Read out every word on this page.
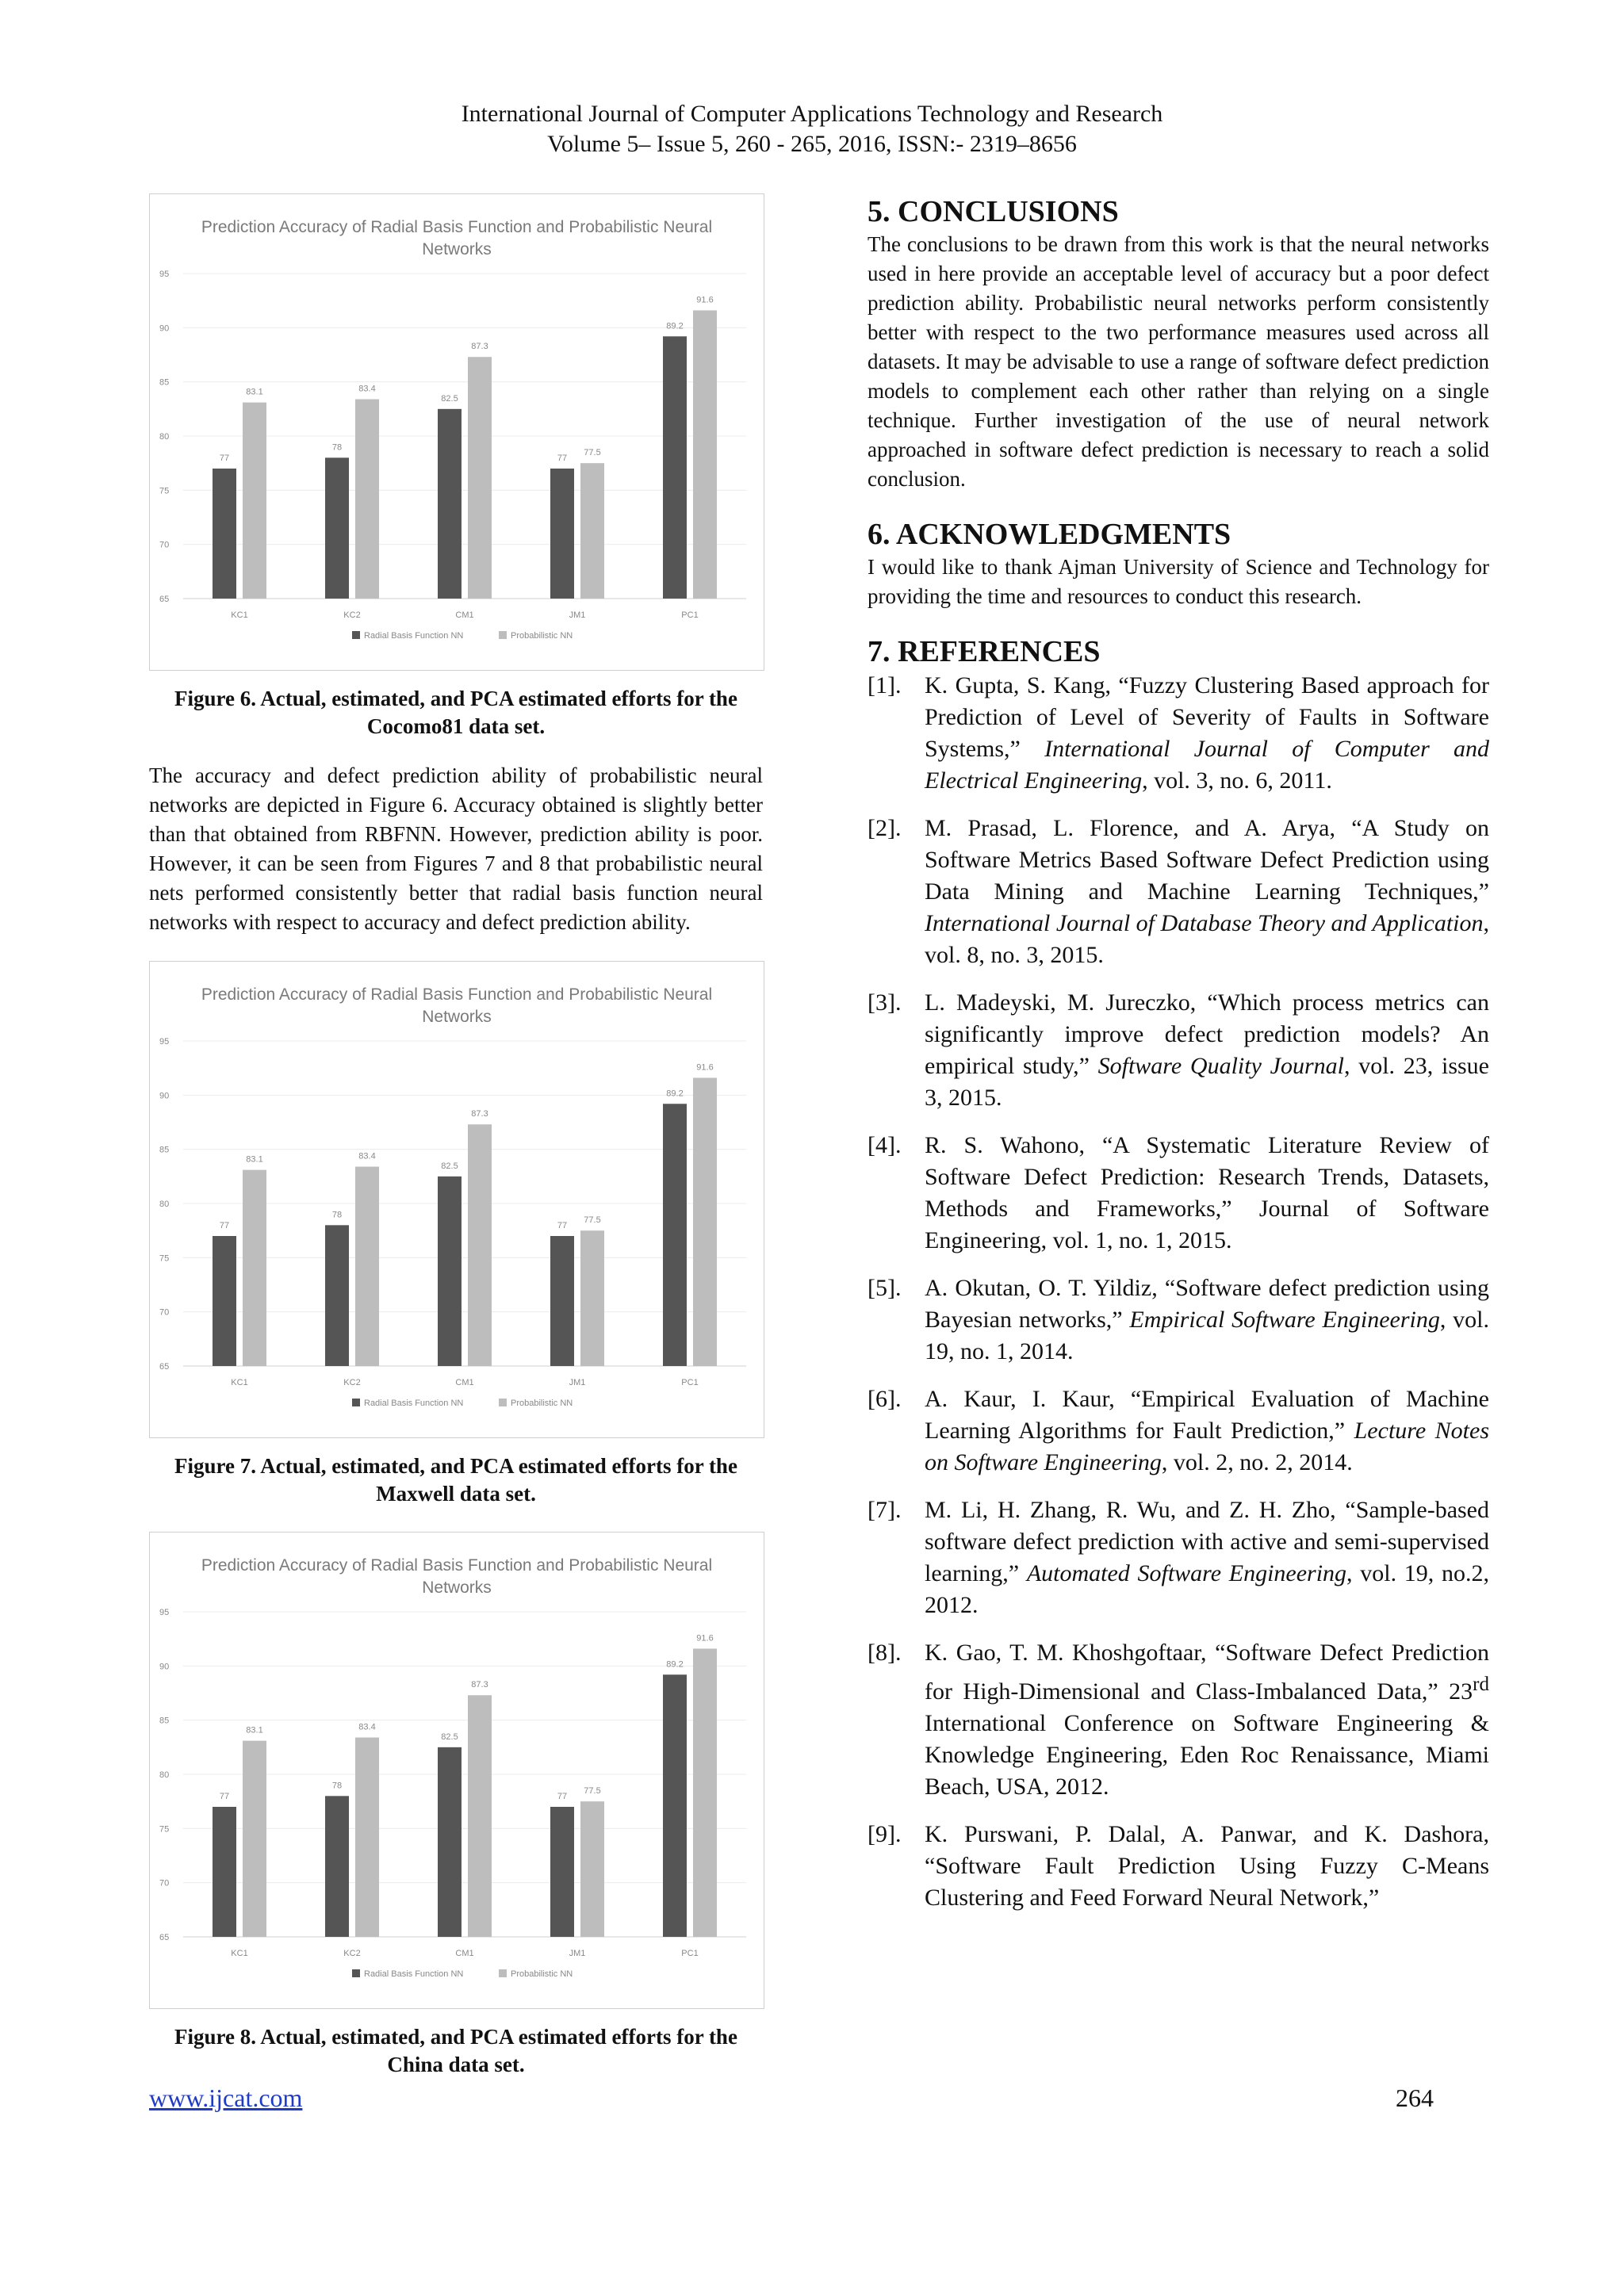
International Journal of Computer Applications Technology and Research
Volume 5– Issue 5, 260 - 265, 2016, ISSN:- 2319–8656
Prediction Accuracy of Radial Basis Function and Probabilistic Neural
Networks
65
70
75
80
85
90
95
77
83.1
KC1
78
83.4
KC2
82.5
87.3
CM1
77
77.5
JM1
89.2
91.6
PC1
Radial Basis Function NN	Probabilistic NN

Figure 6. Actual, estimated, and PCA estimated efforts for the Cocomo81 data set.

The accuracy and defect prediction ability of probabilistic neural networks are depicted in Figure 6. Accuracy obtained is slightly better than that obtained from RBFNN. However, prediction ability is poor. However, it can be seen from Figures 7 and 8 that probabilistic neural nets performed consistently better that radial basis function neural networks with respect to accuracy and defect prediction ability.

Prediction Accuracy of Radial Basis Function and Probabilistic Neural
Networks
65
70
75
80
85
90
95
77
83.1
KC1
78
83.4
KC2
82.5
87.3
CM1
77
77.5
JM1
89.2
91.6
PC1
Radial Basis Function NN	Probabilistic NN

Figure 7. Actual, estimated, and PCA estimated efforts for the Maxwell data set.

Prediction Accuracy of Radial Basis Function and Probabilistic Neural
Networks
65
70
75
80
85
90
95
77
83.1
KC1
78
83.4
KC2
82.5
87.3
CM1
77
77.5
JM1
89.2
91.6
PC1
Radial Basis Function NN	Probabilistic NN

Figure 8. Actual, estimated, and PCA estimated efforts for the China data set.

5. CONCLUSIONS

The conclusions to be drawn from this work is that the neural networks used in here provide an acceptable level of accuracy but a poor defect prediction ability. Probabilistic neural networks perform consistently better with respect to the two performance measures used across all datasets. It may be advisable to use a range of software defect prediction models to complement each other rather than relying on a single technique. Further investigation of the use of neural network approached in software defect prediction is necessary to reach a solid conclusion.

6. ACKNOWLEDGMENTS

I would like to thank Ajman University of Science and Technology for providing the time and resources to conduct this research.

7. REFERENCES
[1]. K. Gupta, S. Kang, “Fuzzy Clustering Based approach for Prediction of Level of Severity of Faults in Software Systems,” International Journal of Computer and Electrical Engineering, vol. 3, no. 6, 2011.
[2]. M. Prasad, L. Florence, and A. Arya, “A Study on Software Metrics Based Software Defect Prediction using Data Mining and Machine Learning Techniques,” International Journal of Database Theory and Application, vol. 8, no. 3, 2015.
[3]. L. Madeyski, M. Jureczko, “Which process metrics can significantly improve defect prediction models? An empirical study,” Software Quality Journal, vol. 23, issue 3, 2015.
[4]. R. S. Wahono, “A Systematic Literature Review of Software Defect Prediction: Research Trends, Datasets, Methods and Frameworks,” Journal of Software Engineering, vol. 1, no. 1, 2015.
[5]. A. Okutan, O. T. Yildiz, “Software defect prediction using Bayesian networks,” Empirical Software Engineering, vol. 19, no. 1, 2014.
[6]. A. Kaur, I. Kaur, “Empirical Evaluation of Machine Learning Algorithms for Fault Prediction,” Lecture Notes on Software Engineering, vol. 2, no. 2, 2014.
[7]. M. Li, H. Zhang, R. Wu, and Z. H. Zho, “Sample-based software defect prediction with active and semi-supervised learning,” Automated Software Engineering, vol. 19, no.2, 2012.
[8]. K. Gao, T. M. Khoshgoftaar, “Software Defect Prediction for High-Dimensional and Class-Imbalanced Data,” 23rd International Conference on Software Engineering & Knowledge Engineering, Eden Roc Renaissance, Miami Beach, USA, 2012.
[9]. K. Purswani, P. Dalal, A. Panwar, and K. Dashora, “Software Fault Prediction Using Fuzzy C-Means Clustering and Feed Forward Neural Network,”
www.ijcat.com	264
